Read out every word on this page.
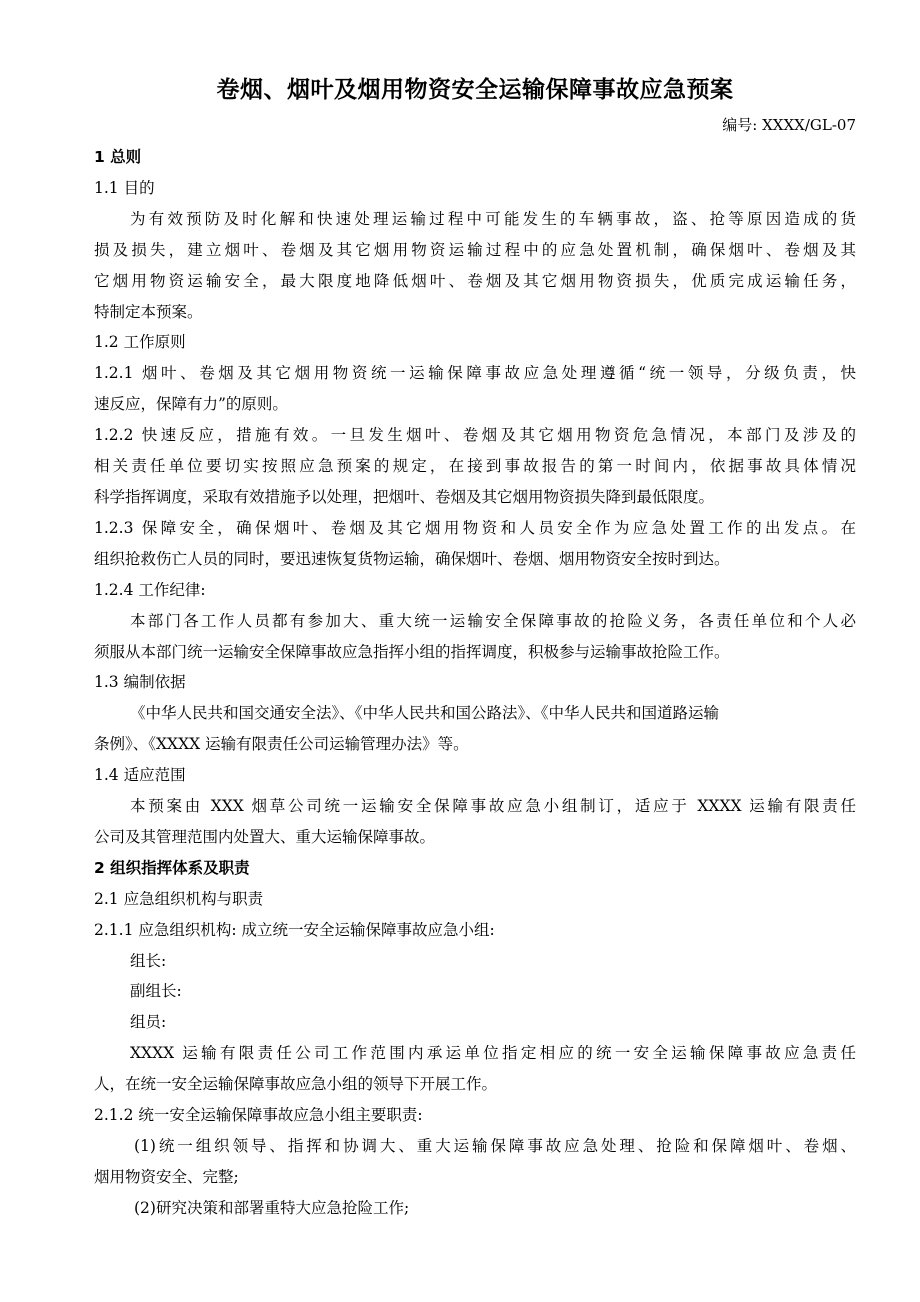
卷烟、烟叶及烟用物资安全运输保障事故应急预案
编号: XXXX/GL-07

1 总则

1.1 目的

为有效预防及时化解和快速处理运输过程中可能发生的车辆事故，盗、抢等原因造成的货

损及损失，建立烟叶、卷烟及其它烟用物资运输过程中的应急处置机制，确保烟叶、卷烟及其

它烟用物资运输安全，最大限度地降低烟叶、卷烟及其它烟用物资损失，优质完成运输任务，

特制定本预案。

1.2 工作原则

1.2.1 烟叶、卷烟及其它烟用物资统一运输保障事故应急处理遵循“统一领导，分级负责，快

速反应，保障有力”的原则。

1.2.2 快速反应，措施有效。一旦发生烟叶、卷烟及其它烟用物资危急情况，本部门及涉及的

相关责任单位要切实按照应急预案的规定，在接到事故报告的第一时间内，依据事故具体情况

科学指挥调度，采取有效措施予以处理，把烟叶、卷烟及其它烟用物资损失降到最低限度。

1.2.3 保障安全，确保烟叶、卷烟及其它烟用物资和人员安全作为应急处置工作的出发点。在

组织抢救伤亡人员的同时，要迅速恢复货物运输，确保烟叶、卷烟、烟用物资安全按时到达。

1.2.4 工作纪律:

本部门各工作人员都有参加大、重大统一运输安全保障事故的抢险义务，各责任单位和个人必

须服从本部门统一运输安全保障事故应急指挥小组的指挥调度，积极参与运输事故抢险工作。

1.3 编制依据

《中华人民共和国交通安全法》、《中华人民共和国公路法》、《中华人民共和国道路运输

条例》、《XXXX 运输有限责任公司运输管理办法》等。

1.4 适应范围

本预案由 XXX 烟草公司统一运输安全保障事故应急小组制订，适应于 XXXX 运输有限责任

公司及其管理范围内处置大、重大运输保障事故。

2 组织指挥体系及职责

2.1 应急组织机构与职责

2.1.1 应急组织机构: 成立统一安全运输保障事故应急小组:

组长:

副组长:

组员:

XXXX 运输有限责任公司工作范围内承运单位指定相应的统一安全运输保障事故应急责任

人，在统一安全运输保障事故应急小组的领导下开展工作。

2.1.2 统一安全运输保障事故应急小组主要职责:

(1)统一组织领导、指挥和协调大、重大运输保障事故应急处理、抢险和保障烟叶、卷烟、

烟用物资安全、完整;

(2)研究决策和部署重特大应急抢险工作;
